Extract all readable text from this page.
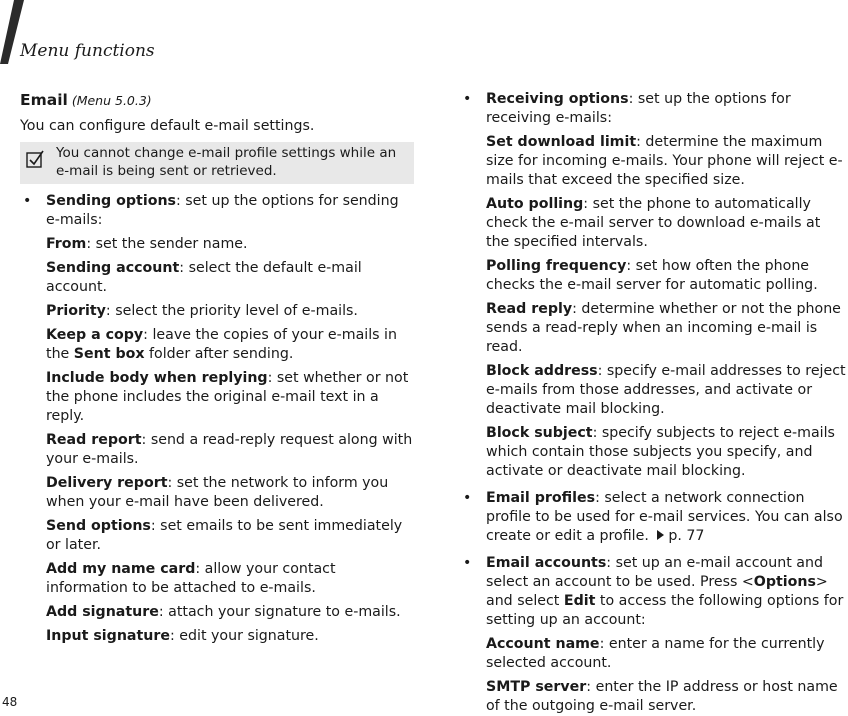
Menu functions
Email (Menu 5.0.3)
You can configure default e-mail settings.
You cannot change e-mail profile settings while an e-mail is being sent or retrieved.
•	Sending options: set up the options for sending e-mails:
From: set the sender name.
Sending account: select the default e-mail account.
Priority: select the priority level of e-mails.
Keep a copy: leave the copies of your e-mails in the Sent box folder after sending.
Include body when replying: set whether or not the phone includes the original e-mail text in a reply.
Read report: send a read-reply request along with your e-mails.
Delivery report: set the network to inform you when your e-mail have been delivered.
Send options: set emails to be sent immediately or later.
Add my name card: allow your contact information to be attached to e-mails.
Add signature: attach your signature to e-mails.
Input signature: edit your signature.
•	Receiving options: set up the options for receiving e-mails:
Set download limit: determine the maximum size for incoming e-mails. Your phone will reject e-mails that exceed the specified size.
Auto polling: set the phone to automatically check the e-mail server to download e-mails at the specified intervals.
Polling frequency: set how often the phone checks the e-mail server for automatic polling.
Read reply: determine whether or not the phone sends a read-reply when an incoming e-mail is read.
Block address: specify e-mail addresses to reject e-mails from those addresses, and activate or deactivate mail blocking.
Block subject: specify subjects to reject e-mails which contain those subjects you specify, and activate or deactivate mail blocking.
•	Email profiles: select a network connection profile to be used for e-mail services. You can also create or edit a profile. p. 77
•	Email accounts: set up an e-mail account and select an account to be used. Press <Options> and select Edit to access the following options for setting up an account:
Account name: enter a name for the currently selected account.
SMTP server: enter the IP address or host name of the outgoing e-mail server.
48
